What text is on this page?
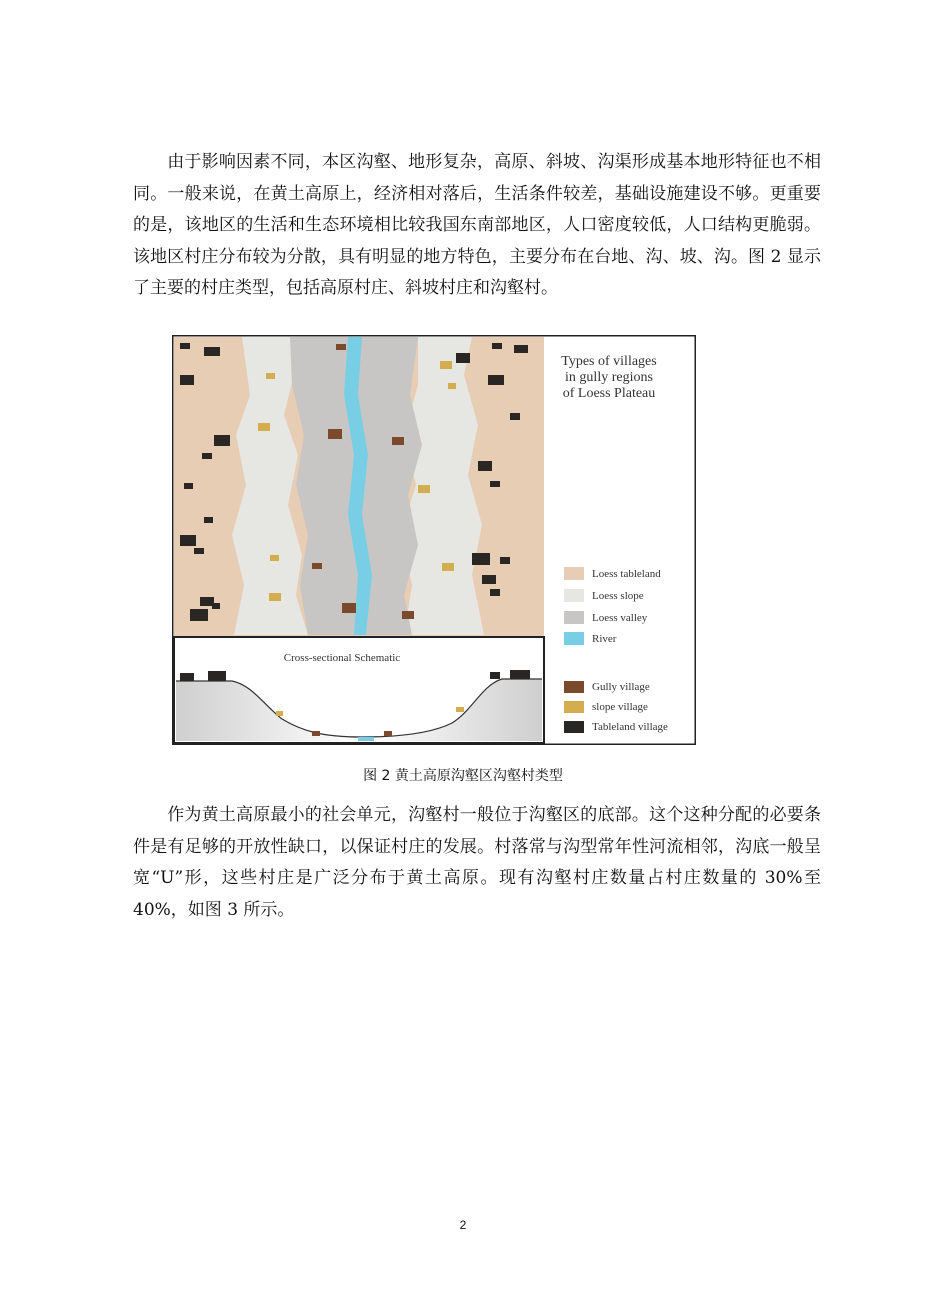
由于影响因素不同，本区沟壑、地形复杂，高原、斜坡、沟渠形成基本地形特征也不相同。一般来说，在黄土高原上，经济相对落后，生活条件较差，基础设施建设不够。更重要的是，该地区的生活和生态环境相比较我国东南部地区，人口密度较低，人口结构更脆弱。该地区村庄分布较为分散，具有明显的地方特色，主要分布在台地、沟、坡、沟。图 2 显示了主要的村庄类型，包括高原村庄、斜坡村庄和沟壑村。

Cross-sectional Schematic
Types of villages
in gully regions
of Loess Plateau
Loess tableland
Loess slope
Loess valley
River
Gully village
slope village
Tableland village
图 2 黄土高原沟壑区沟壑村类型

作为黄土高原最小的社会单元，沟壑村一般位于沟壑区的底部。这个这种分配的必要条件是有足够的开放性缺口，以保证村庄的发展。村落常与沟型常年性河流相邻，沟底一般呈宽“U”形，这些村庄是广泛分布于黄土高原。现有沟壑村庄数量占村庄数量的 30%至 40%，如图 3 所示。

2
